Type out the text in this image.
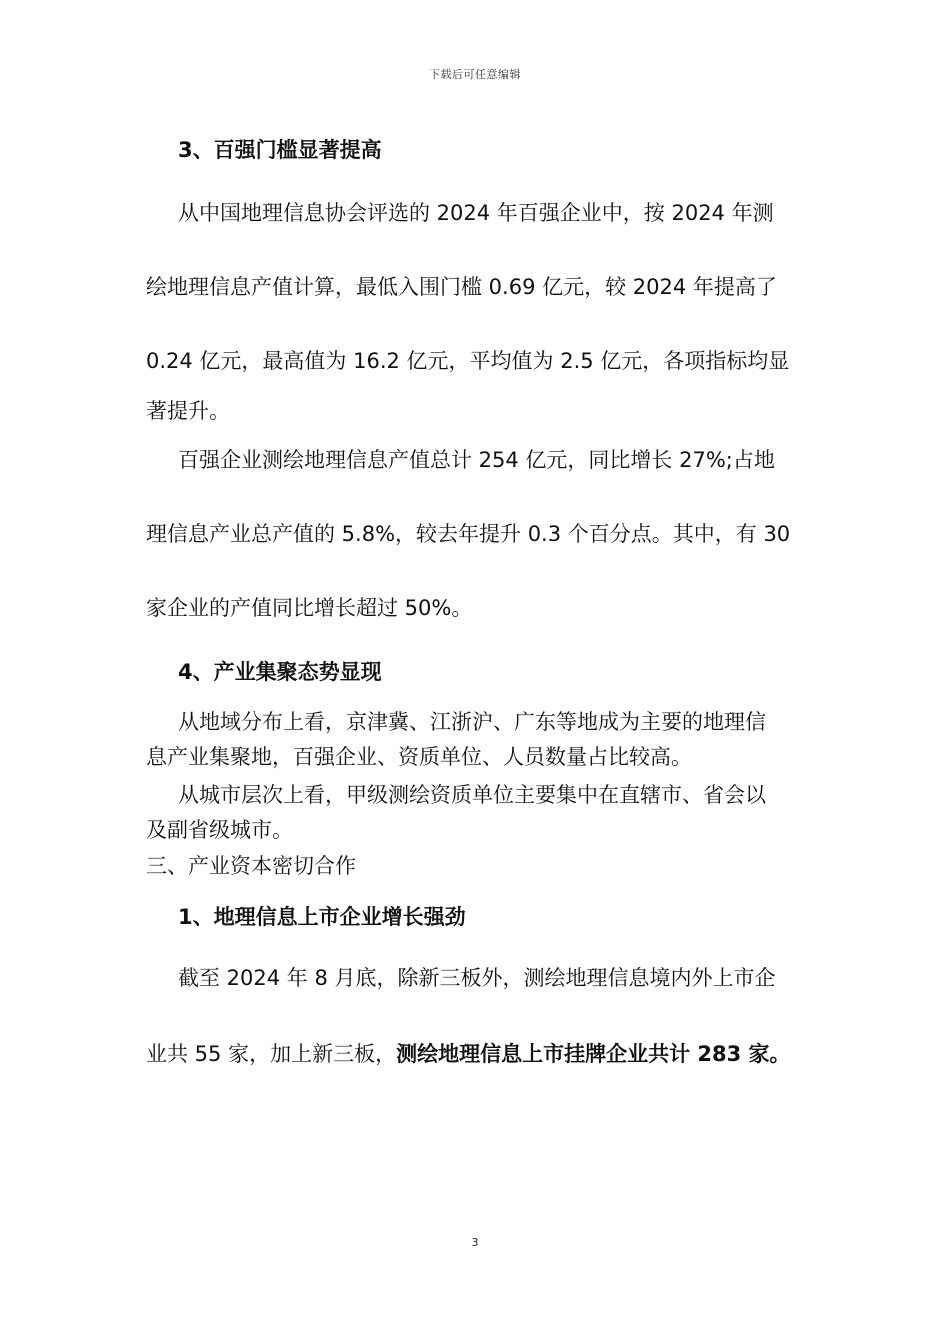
下载后可任意编辑
3、百强门槛显著提高
从中国地理信息协会评选的 2024 年百强企业中，按 2024 年测
绘地理信息产值计算，最低入围门槛 0.69 亿元，较 2024 年提高了
0.24 亿元，最高值为 16.2 亿元，平均值为 2.5 亿元，各项指标均显
著提升。
百强企业测绘地理信息产值总计 254 亿元，同比增长 27%;占地
理信息产业总产值的 5.8%，较去年提升 0.3 个百分点。其中，有 30
家企业的产值同比增长超过 50%。
4、产业集聚态势显现
从地域分布上看，京津冀、江浙沪、广东等地成为主要的地理信
息产业集聚地，百强企业、资质单位、人员数量占比较高。
从城市层次上看，甲级测绘资质单位主要集中在直辖市、省会以
及副省级城市。
三、产业资本密切合作
1、地理信息上市企业增长强劲
截至 2024 年 8 月底，除新三板外，测绘地理信息境内外上市企
业共 55 家，加上新三板，测绘地理信息上市挂牌企业共计 283 家。
3
